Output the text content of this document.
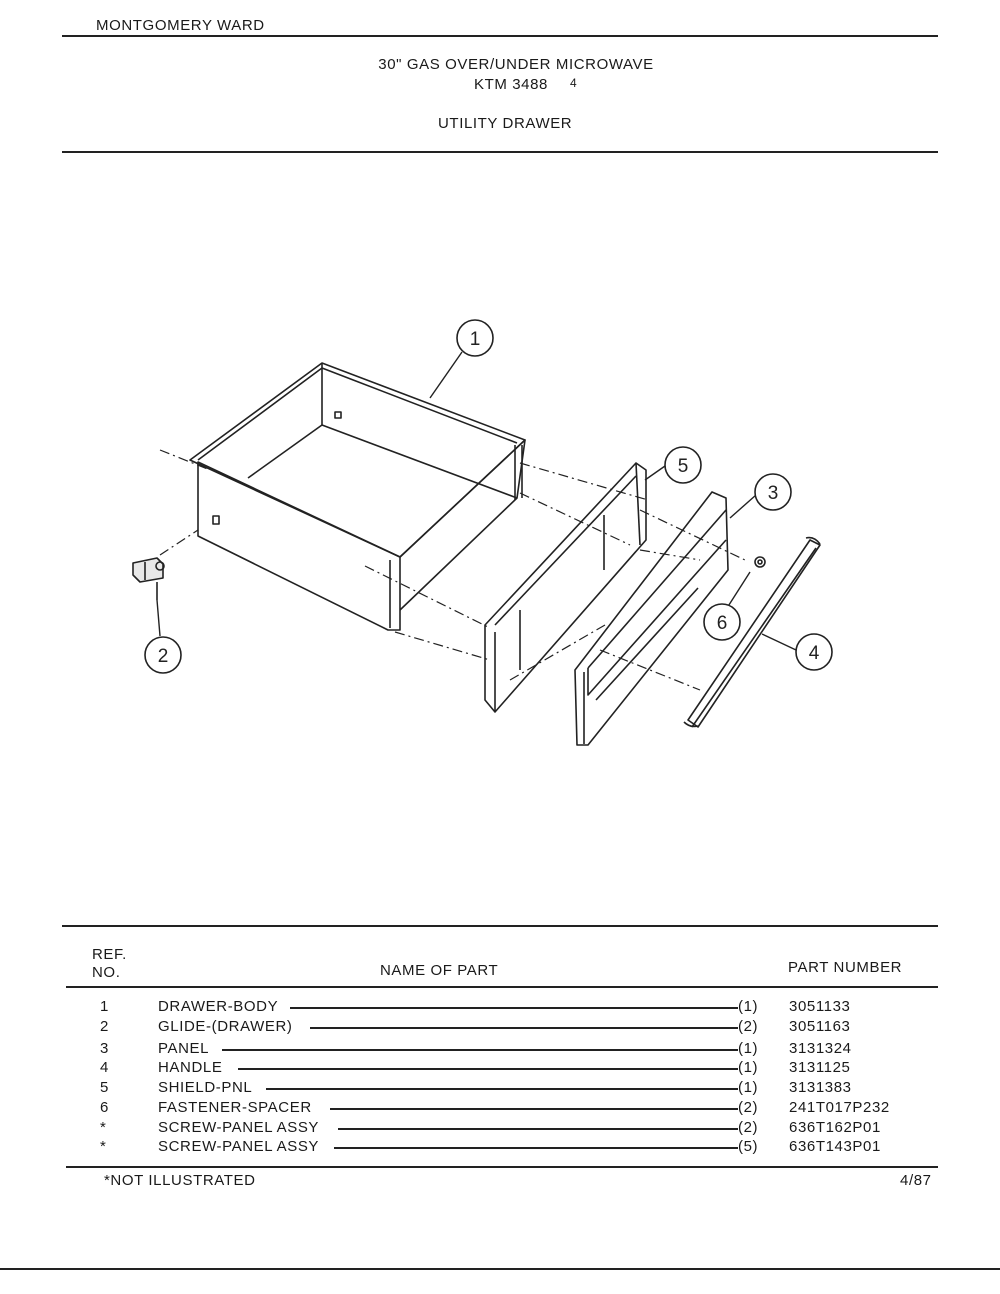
MONTGOMERY WARD
30" GAS OVER/UNDER MICROWAVE
KTM 3488 4
UTILITY DRAWER
1
2
3
4
5
6
REF.
NO.	NAME OF PART	PART NUMBER
1	DRAWER-BODY	(1) 3051133
2	GLIDE-(DRAWER)	(2) 3051163
3	PANEL	(1) 3131324
4	HANDLE	(1) 3131125
5	SHIELD-PNL	(1) 3131383
6	FASTENER-SPACER	(2) 241T017P232
*	SCREW-PANEL ASSY	(2) 636T162P01
*	SCREW-PANEL ASSY	(5) 636T143P01
*NOT ILLUSTRATED	4/87
